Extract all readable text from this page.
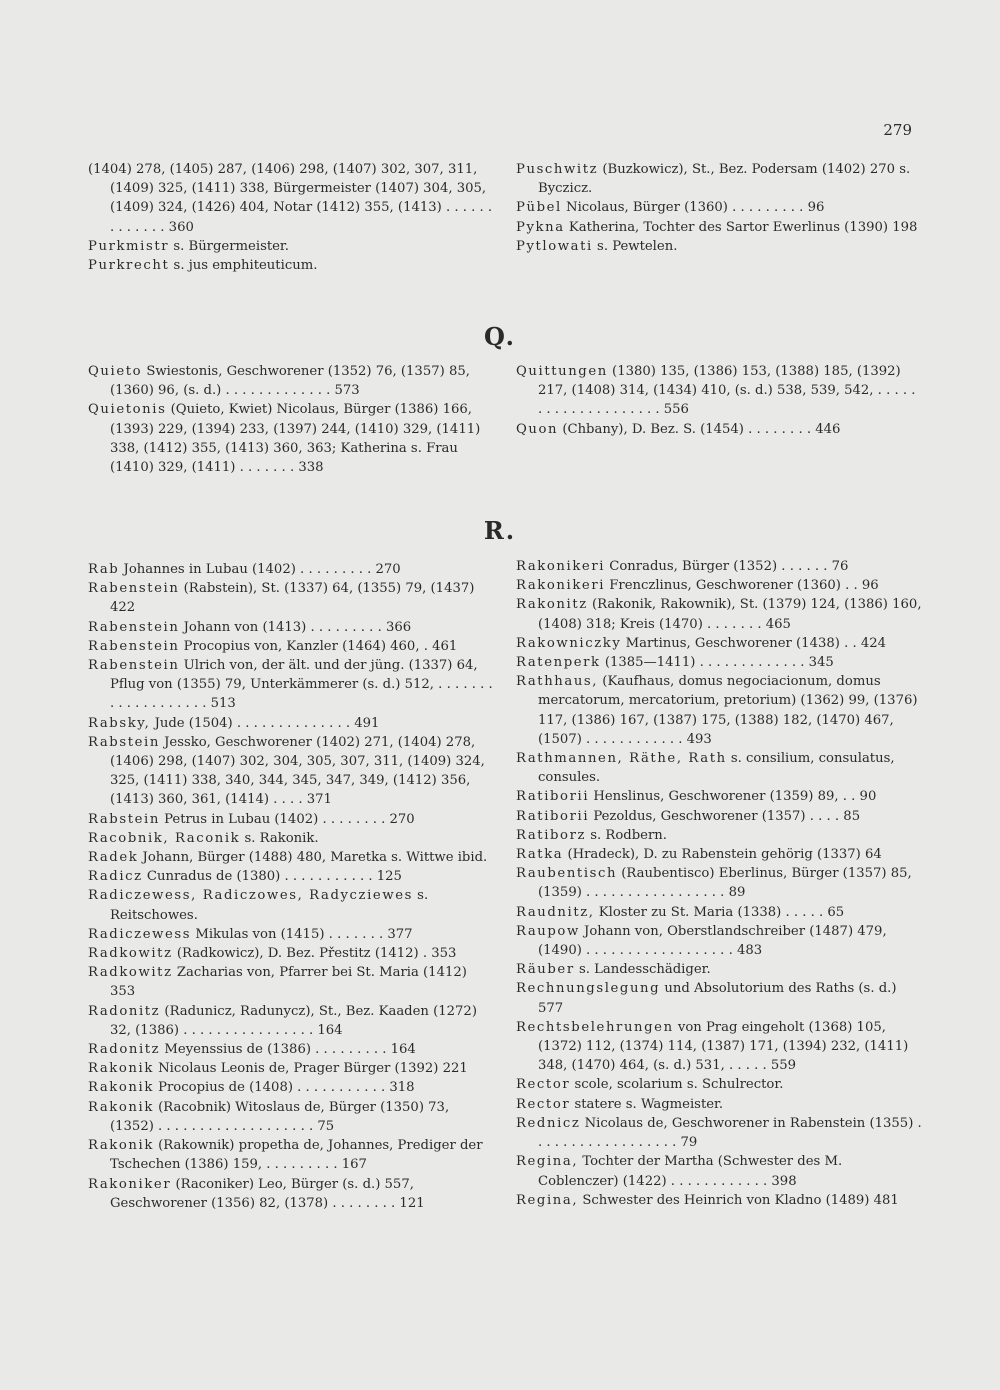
279

(1404) 278, (1405) 287, (1406) 298, (1407) 302, 307, 311, (1409) 325, (1411) 338, Bürgermeister (1407) 304, 305, (1409) 324, (1426) 404, Notar (1412) 355, (1413) . . . . . . . . . . . . . 360

Purkmistr s. Bürgermeister.

Purkrecht s. jus emphiteuticum.

Puschwitz (Buzkowicz), St., Bez. Podersam (1402) 270 s. Byczicz.

Pübel Nicolaus, Bürger (1360) . . . . . . . . . 96

Pykna Katherina, Tochter des Sartor Ewerlinus (1390) 198

Pytlowati s. Pewtelen.

Q.

Quieto Swiestonis, Geschworener (1352) 76, (1357) 85, (1360) 96, (s. d.) . . . . . . . . . . . . . 573

Quietonis (Quieto, Kwiet) Nicolaus, Bürger (1386) 166, (1393) 229, (1394) 233, (1397) 244, (1410) 329, (1411) 338, (1412) 355, (1413) 360, 363; Katherina s. Frau (1410) 329, (1411) . . . . . . . 338

Quittungen (1380) 135, (1386) 153, (1388) 185, (1392) 217, (1408) 314, (1434) 410, (s. d.) 538, 539, 542, . . . . . . . . . . . . . . . . . . . . 556

Quon (Chbany), D. Bez. S. (1454) . . . . . . . . 446

R.

Rab Johannes in Lubau (1402) . . . . . . . . . 270

Rabenstein (Rabstein), St. (1337) 64, (1355) 79, (1437) 422

Rabenstein Johann von (1413) . . . . . . . . . 366

Rabenstein Procopius von, Kanzler (1464) 460, . 461

Rabenstein Ulrich von, der ält. und der jüng. (1337) 64, Pflug von (1355) 79, Unterkämmerer (s. d.) 512, . . . . . . . . . . . . . . . . . . . 513

Rabsky, Jude (1504) . . . . . . . . . . . . . . 491

Rabstein Jessko, Geschworener (1402) 271, (1404) 278, (1406) 298, (1407) 302, 304, 305, 307, 311, (1409) 324, 325, (1411) 338, 340, 344, 345, 347, 349, (1412) 356, (1413) 360, 361, (1414) . . . . 371

Rabstein Petrus in Lubau (1402) . . . . . . . . 270

Racobnik, Raconik s. Rakonik.

Radek Johann, Bürger (1488) 480, Maretka s. Wittwe ibid.

Radicz Cunradus de (1380) . . . . . . . . . . . 125

Radiczewess, Radiczowes, Radycziewes s. Reitschowes.

Radiczewess Mikulas von (1415) . . . . . . . 377

Radkowitz (Radkowicz), D. Bez. Přestitz (1412) . 353

Radkowitz Zacharias von, Pfarrer bei St. Maria (1412) 353

Radonitz (Radunicz, Radunycz), St., Bez. Kaaden (1272) 32, (1386) . . . . . . . . . . . . . . . . 164

Radonitz Meyenssius de (1386) . . . . . . . . . 164

Rakonik Nicolaus Leonis de, Prager Bürger (1392) 221

Rakonik Procopius de (1408) . . . . . . . . . . . 318

Rakonik (Racobnik) Witoslaus de, Bürger (1350) 73, (1352) . . . . . . . . . . . . . . . . . . . 75

Rakonik (Rakownik) propetha de, Johannes, Prediger der Tschechen (1386) 159, . . . . . . . . . 167

Rakoniker (Raconiker) Leo, Bürger (s. d.) 557, Geschworener (1356) 82, (1378) . . . . . . . . 121

Rakonikeri Conradus, Bürger (1352) . . . . . . 76

Rakonikeri Frenczlinus, Geschworener (1360) . . 96

Rakonitz (Rakonik, Rakownik), St. (1379) 124, (1386) 160, (1408) 318; Kreis (1470) . . . . . . . 465

Rakowniczky Martinus, Geschworener (1438) . . 424

Ratenperk (1385—1411) . . . . . . . . . . . . . 345

Rathhaus, (Kaufhaus, domus negociacionum, domus mercatorum, mercatorium, pretorium) (1362) 99, (1376) 117, (1386) 167, (1387) 175, (1388) 182, (1470) 467, (1507) . . . . . . . . . . . . 493

Rathmannen, Räthe, Rath s. consilium, consulatus, consules.

Ratiborii Henslinus, Geschworener (1359) 89, . . 90

Ratiborii Pezoldus, Geschworener (1357) . . . . 85

Ratiborz s. Rodbern.

Ratka (Hradeck), D. zu Rabenstein gehörig (1337) 64

Raubentisch (Raubentisco) Eberlinus, Bürger (1357) 85, (1359) . . . . . . . . . . . . . . . . . 89

Raudnitz, Kloster zu St. Maria (1338) . . . . . 65

Raupow Johann von, Oberstlandschreiber (1487) 479, (1490) . . . . . . . . . . . . . . . . . . 483

Räuber s. Landesschädiger.

Rechnungslegung und Absolutorium des Raths (s. d.) 577

Rechtsbelehrungen von Prag eingeholt (1368) 105, (1372) 112, (1374) 114, (1387) 171, (1394) 232, (1411) 348, (1470) 464, (s. d.) 531, . . . . . 559

Rector scole, scolarium s. Schulrector.

Rector statere s. Wagmeister.

Rednicz Nicolaus de, Geschworener in Rabenstein (1355) . . . . . . . . . . . . . . . . . . 79

Regina, Tochter der Martha (Schwester des M. Coblenczer) (1422) . . . . . . . . . . . . 398

Regina, Schwester des Heinrich von Kladno (1489) 481
